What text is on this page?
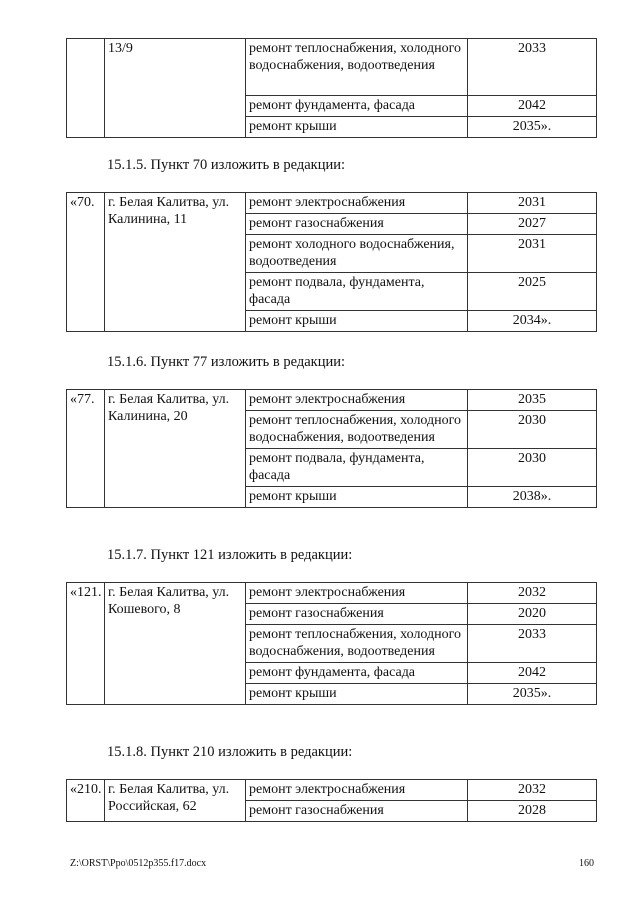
	13/9	ремонт теплоснабжения, холодного водоснабжения, водоотведения	2033
		ремонт фундамента, фасада	2042
		ремонт крыши	2035».
15.1.5. Пункт 70 изложить в редакции:
«70.	г. Белая Калитва, ул. Калинина, 11	ремонт электроснабжения	2031
		ремонт газоснабжения	2027
		ремонт холодного водоснабжения, водоотведения	2031
		ремонт подвала, фундамента, фасада	2025
		ремонт крыши	2034».
15.1.6. Пункт 77 изложить в редакции:
«77.	г. Белая Калитва, ул. Калинина, 20	ремонт электроснабжения	2035
		ремонт теплоснабжения, холодного водоснабжения, водоотведения	2030
		ремонт подвала, фундамента, фасада	2030
		ремонт крыши	2038».
15.1.7. Пункт 121 изложить в редакции:
«121.	г. Белая Калитва, ул. Кошевого, 8	ремонт электроснабжения	2032
		ремонт газоснабжения	2020
		ремонт теплоснабжения, холодного водоснабжения, водоотведения	2033
		ремонт фундамента, фасада	2042
		ремонт крыши	2035».
15.1.8. Пункт 210 изложить в редакции:
«210.	г. Белая Калитва, ул. Российская, 62	ремонт электроснабжения	2032
		ремонт газоснабжения	2028
Z:\ORST\Ppo\0512p355.f17.docx	160
